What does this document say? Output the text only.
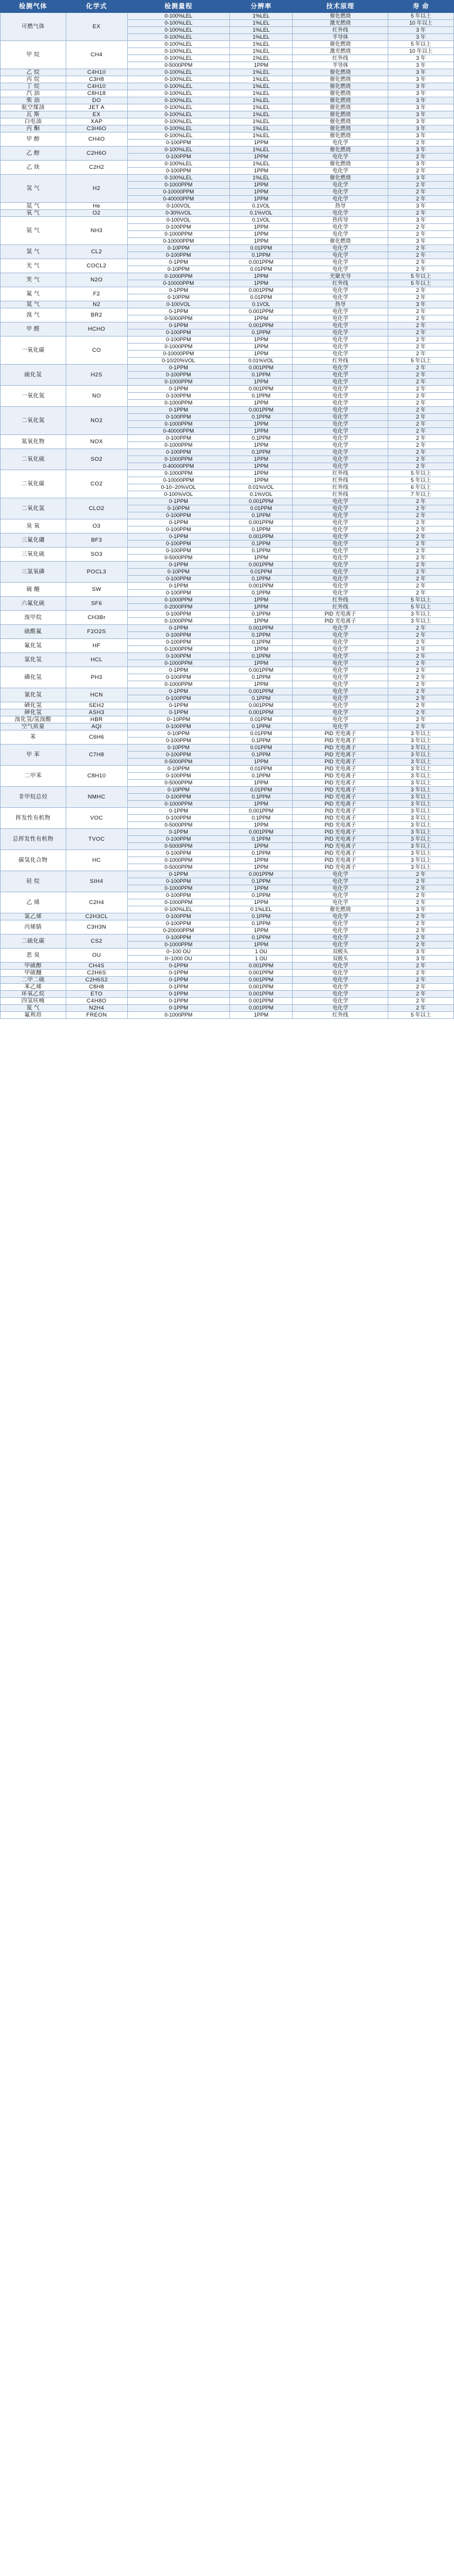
检测气体	化学式	检测量程	分辨率	技术原理	寿 命
可燃气体	EX	0-100%LEL	1%LEL	催化燃烧	5 年以上
		0-100%LEL	1%LEL	激光燃烧	10 年以上
		0-100%LEL	1%LEL	红外线	3 年
		0-100%LEL	1%LEL	半导体	3 年
甲 烷	CH4	0-100%LEL	1%LEL	催化燃烧	5 年以上
		0-100%LEL	1%LEL	激光燃烧	10 年以上
		0-100%LEL	1%LEL	红外线	3 年
		0-5000PPM	1PPM	半导体	3 年
乙 烷	C4H10	0-100%LEL	1%LEL	催化燃烧	3 年
丙 烷	C3H8	0-100%LEL	1%LEL	催化燃烧	3 年
丁 烷	C4H10	0-100%LEL	1%LEL	催化燃烧	3 年
汽 油	C8H18	0-100%LEL	1%LEL	催化燃烧	3 年
柴 油	DO	0-100%LEL	1%LEL	催化燃烧	3 年
航空煤油	JET A	0-100%LEL	1%LEL	催化燃烧	3 年
瓦 斯	EX	0-100%LEL	1%LEL	催化燃烧	3 年
白电油	XAP	0-100%LEL	1%LEL	催化燃烧	3 年
丙 酮	C3H6O	0-100%LEL	1%LEL	催化燃烧	3 年
甲 醇	CH4O	0-100%LEL	1%LEL	催化燃烧	3 年
		0-100PPM	1PPM	电化学	2 年
乙 醇	C2H6O	0-100%LEL	1%LEL	催化燃烧	3 年
		0-100PPM	1PPM	电化学	2 年
乙 炔	C2H2	0-100%LEL	1%LEL	催化燃烧	3 年
		0-100PPM	1PPM	电化学	2 年
氢 气	H2	0-100%LEL	1%LEL	催化燃烧	3 年
		0-1000PPM	1PPM	电化学	2 年
		0-10000PPM	1PPM	电化学	2 年
		0-40000PPM	1PPM	电化学	2 年
氦 气	He	0-100VOL	0.1VOL	热导	3 年
氧 气	O2	0-30%VOL	0.1%VOL	电化学	2 年
氨 气	NH3	0-100VOL	0.1VOL	热传导	3 年
		0-100PPM	1PPM	电化学	2 年
		0-1000PPM	1PPM	电化学	2 年
		0-10000PPM	1PPM	催化燃烧	3 年
氯 气	CL2	0-10PPM	0.01PPM	电化学	2 年
		0-100PPM	0.1PPM	电化学	2 年
光 气	COCL2	0-1PPM	0.001PPM	电化学	2 年
		0-10PPM	0.01PPM	电化学	2 年
笑 气	N2O	0-1000PPM	1PPM	光聚光导	5 年以上
		0-10000PPM	1PPM	红外线	5 年以上
氟 气	F2	0-1PPM	0.001PPM	电化学	2 年
		0-10PPM	0.01PPM	电化学	2 年
氮 气	N2	0-100VOL	0.1VOL	热导	3 年
溴 气	BR2	0-1PPM	0.001PPM	电化学	2 年
		0-5000PPM	1PPM	电化学	2 年
甲 醛	HCHO	0-1PPM	0.001PPM	电化学	2 年
		0-100PPM	0.1PPM	电化学	2 年
一氧化碳	CO	0-100PPM	1PPM	电化学	2 年
		0-1000PPM	1PPM	电化学	2 年
		0-10000PPM	1PPM	电化学	2 年
		0-10/20%VOL	0.01%VOL	红外线	5 年以上
硫化氢	H2S	0-1PPM	0.001PPM	电化学	2 年
		0-100PPM	0.1PPM	电化学	2 年
		0-1000PPM	1PPM	电化学	2 年
一氧化氮	NO	0-1PPM	0.001PPM	电化学	2 年
		0-100PPM	0.1PPM	电化学	2 年
		0-1000PPM	1PPM	电化学	2 年
二氧化氮	NO2	0-1PPM	0.001PPM	电化学	2 年
		0-100PPM	0.1PPM	电化学	2 年
		0-1000PPM	1PPM	电化学	2 年
		0-40000PPM	1PPM	电化学	2 年
氮氧化物	NOX	0-100PPM	0.1PPM	电化学	2 年
		0-1000PPM	1PPM	电化学	2 年
二氧化硫	SO2	0-100PPM	0.1PPM	电化学	2 年
		0-1000PPM	1PPM	电化学	2 年
		0-40000PPM	1PPM	电化学	2 年
二氧化碳	CO2	0-1000PPM	1PPM	红外线	5 年以上
		0-10000PPM	1PPM	红外线	5 年以上
		0-10~20%VOL	0.01%VOL	红外线	6 年以上
		0-100%VOL	0.1%VOL	红外线	7 年以上
二氧化氯	CLO2	0-1PPM	0.001PPM	电化学	2 年
		0-10PPM	0.01PPM	电化学	2 年
		0-100PPM	0.1PPM	电化学	2 年
臭 氧	O3	0-1PPM	0.001PPM	电化学	2 年
		0-100PPM	0.1PPM	电化学	2 年
三氟化硼	BF3	0-1PPM	0.001PPM	电化学	2 年
		0-100PPM	0.1PPM	电化学	2 年
三氧化硫	SO3	0-100PPM	0.1PPM	电化学	2 年
		0-5000PPM	1PPM	电化学	2 年
三氯氧磷	POCL3	0-1PPM	0.001PPM	电化学	2 年
		0-10PPM	0.01PPM	电化学	2 年
		0-100PPM	0.1PPM	电化学	2 年
硫 醚	SW	0-1PPM	0.001PPM	电化学	2 年
		0-100PPM	0.1PPM	电化学	2 年
六氟化硫	SF6	0-1000PPM	1PPM	红外线	5 年以上
		0-2000PPM	1PPM	红外线	5 年以上
溴甲烷	CH3Br	0-100PPM	0.1PPM	PID 光电离子	3 年以上
		0-1000PPM	1PPM	PID 光电离子	3 年以上
硫酰氟	F2O2S	0-1PPM	0.001PPM	电化学	2 年
		0-100PPM	0.1PPM	电化学	2 年
氟化氢	HF	0-100PPM	0.1PPM	电化学	2 年
		0-1000PPM	1PPM	电化学	2 年
氯化氢	HCL	0-100PPM	0.1PPM	电化学	2 年
		0-1000PPM	1PPM	电化学	2 年
磷化氢	PH3	0-1PPM	0.001PPM	电化学	2 年
		0-100PPM	0.1PPM	电化学	2 年
		0-1000PPM	1PPM	电化学	2 年
氰化氢	HCN	0-1PPM	0.001PPM	电化学	2 年
		0-100PPM	0.1PPM	电化学	2 年
硒化氢	SEH2	0-1PPM	0.001PPM	电化学	2 年
砷化氢	ASH3	0-1PPM	0.001PPM	电化学	2 年
溴化氢/氢溴酸	HBR	0~10PPM	0.01PPM	电化学	2 年
空气质量	AQI	0-100PPM	0.1PPM	电化学	2 年
苯	C6H6	0-10PPM	0.01PPM	PID 光电离子	3 年以上
		0-100PPM	0.1PPM	PID 光电离子	3 年以上
甲 苯	C7H8	0-10PPM	0.01PPM	PID 光电离子	3 年以上
		0-100PPM	0.1PPM	PID 光电离子	3 年以上
		0-5000PPM	1PPM	PID 光电离子	3 年以上
二甲苯	C8H10	0-10PPM	0.01PPM	PID 光电离子	3 年以上
		0-100PPM	0.1PPM	PID 光电离子	3 年以上
		0-5000PPM	1PPM	PID 光电离子	3 年以上
非甲烷总烃	NMHC	0-10PPM	0.01PPM	PID 光电离子	3 年以上
		0-100PPM	0.1PPM	PID 光电离子	3 年以上
		0-1000PPM	1PPM	PID 光电离子	3 年以上
挥发性有机物	VOC	0-1PPM	0.001PPM	PID 光电离子	3 年以上
		0-100PPM	0.1PPM	PID 光电离子	3 年以上
		0-5000PPM	1PPM	PID 光电离子	3 年以上
总挥发性有机物	TVOC	0-1PPM	0.001PPM	PID 光电离子	3 年以上
		0-100PPM	0.1PPM	PID 光电离子	3 年以上
		0-5000PPM	1PPM	PID 光电离子	3 年以上
碳氢化合物	HC	0-100PPM	0.1PPM	PID 光电离子	3 年以上
		0-1000PPM	1PPM	PID 光电离子	3 年以上
		0-5000PPM	1PPM	PID 光电离子	3 年以上
硅 烷	SIH4	0-1PPM	0.001PPM	电化学	2 年
		0-100PPM	0.1PPM	电化学	2 年
		0-1000PPM	1PPM	电化学	2 年
乙 烯	C2H4	0-100PPM	0.1PPM	电化学	2 年
		0-1000PPM	1PPM	电化学	2 年
		0-100%LEL	0.1%LEL	催化燃烧	3 年
氯乙烯	C2H3CL	0-100PPM	0.1PPM	电化学	2 年
丙烯腈	C3H3N	0-100PPM	0.1PPM	电化学	2 年
		0-20000PPM	1PPM	电化学	2 年
二硫化碳	CS2	0-100PPM	0.1PPM	电化学	2 年
		0-1000PPM	1PPM	电化学	2 年
恶 臭	OU	0~100 OU	1 OU	双极头	3 年
		0~1000 OU	1 OU	双极头	3 年
甲硫醇	CH4S	0-1PPM	0.001PPM	电化学	2 年
甲硫醚	C2H6S	0-1PPM	0.001PPM	电化学	2 年
二甲二硫	C2H6S2	0-1PPM	0.001PPM	电化学	2 年
苯乙烯	C8H8	0-1PPM	0.001PPM	电化学	2 年
环氧乙烷	ETO	0-1PPM	0.001PPM	电化学	2 年
四氢呋喃	C4H8O	0-1PPM	0.001PPM	电化学	2 年
氮 气	N2H4	0-1PPM	0.001PPM	电化学	2 年
氟利昂	FREON	0-1000PPM	1PPM	红外线	5 年以上
